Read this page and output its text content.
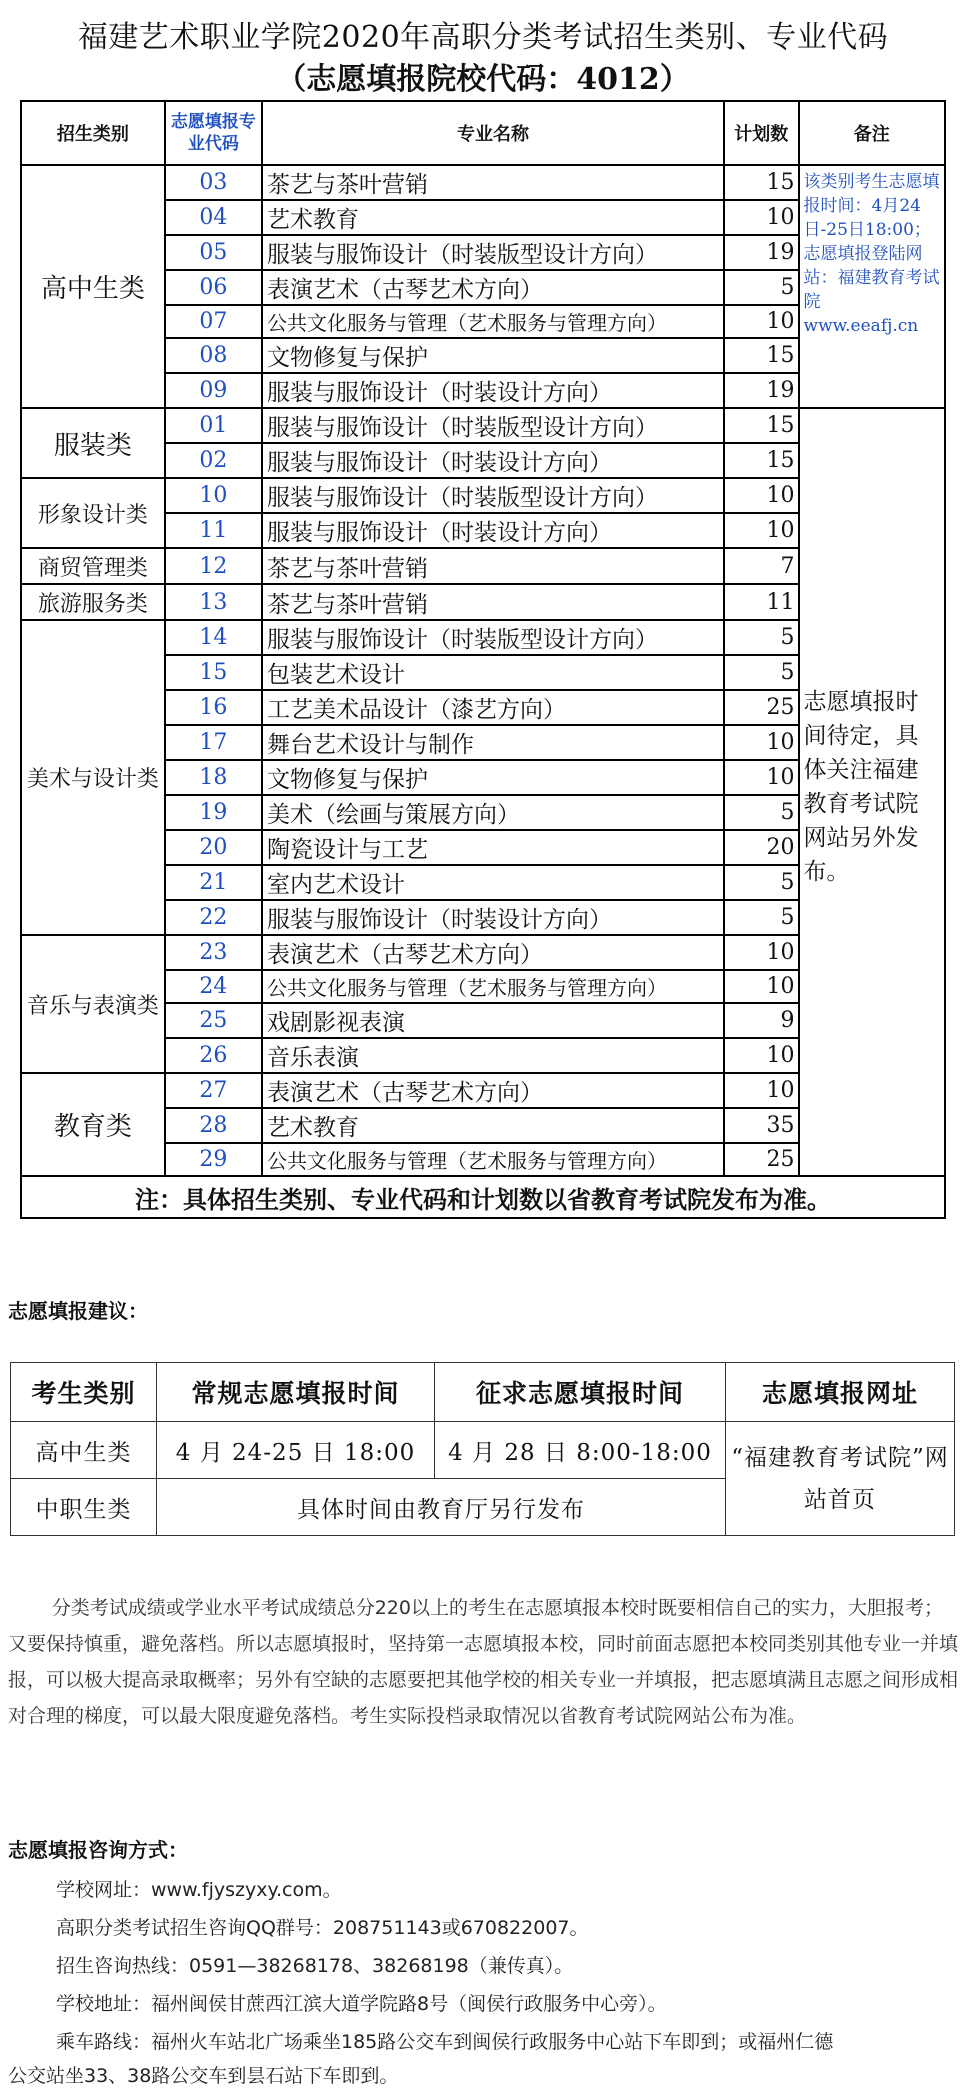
福建艺术职业学院2020年高职分类考试招生类别、专业代码
（志愿填报院校代码：4012）
招生类别	志愿填报专业代码	专业名称	计划数	备注
高中生类	03	茶艺与茶叶营销	15	该类别考生志愿填报时间：4月24日-25日18:00；志愿填报登陆网站：福建教育考试院 www.eeafj.cn

	04	艺术教育	10	
	05	服装与服饰设计（时装版型设计方向）	19	
	06	表演艺术（古琴艺术方向）	5	
	07	公共文化服务与管理（艺术服务与管理方向）	10	
	08	文物修复与保护	15	
	09	服装与服饰设计（时装设计方向）	19	
服装类	01	服装与服饰设计（时装版型设计方向）	15	志愿填报时间待定，具体关注福建教育考试院网站另外发布。

	02	服装与服饰设计（时装设计方向）	15	
形象设计类	10	服装与服饰设计（时装版型设计方向）	10	
	11	服装与服饰设计（时装设计方向）	10	
商贸管理类	12	茶艺与茶叶营销	7	
旅游服务类	13	茶艺与茶叶营销	11	
美术与设计类	14	服装与服饰设计（时装版型设计方向）	5	
	15	包装艺术设计	5	
	16	工艺美术品设计（漆艺方向）	25	
	17	舞台艺术设计与制作	10	
	18	文物修复与保护	10	
	19	美术（绘画与策展方向）	5	
	20	陶瓷设计与工艺	20	
	21	室内艺术设计	5	
	22	服装与服饰设计（时装设计方向）	5	
音乐与表演类	23	表演艺术（古琴艺术方向）	10	
	24	公共文化服务与管理（艺术服务与管理方向）	10	
	25	戏剧影视表演	9	
	26	音乐表演	10	
教育类	27	表演艺术（古琴艺术方向）	10	
	28	艺术教育	35	
	29	公共文化服务与管理（艺术服务与管理方向）	25	
注：具体招生类别、专业代码和计划数以省教育考试院发布为准。				
志愿填报建议：
考生类别	常规志愿填报时间	征求志愿填报时间	志愿填报网址
高中生类	4 月 24-25 日 18:00	4 月 28 日 8:00-18:00	“福建教育考试院”网站首页
中职生类	具体时间由教育厅另行发布		
分类考试成绩或学业水平考试成绩总分220以上的考生在志愿填报本校时既要相信自己的实力，大胆报考；又要保持慎重，避免落档。所以志愿填报时，坚持第一志愿填报本校，同时前面志愿把本校同类别其他专业一并填报，可以极大提高录取概率；另外有空缺的志愿要把其他学校的相关专业一并填报，把志愿填满且志愿之间形成相对合理的梯度，可以最大限度避免落档。考生实际投档录取情况以省教育考试院网站公布为准。
志愿填报咨询方式：
学校网址：www.fjyszyxy.com。
高职分类考试招生咨询QQ群号：208751143或670822007。
招生咨询热线：0591—38268178、38268198（兼传真）。
学校地址：福州闽侯甘蔗西江滨大道学院路8号（闽侯行政服务中心旁）。
乘车路线：福州火车站北广场乘坐185路公交车到闽侯行政服务中心站下车即到；或福州仁德
公交站坐33、38路公交车到昙石站下车即到。
